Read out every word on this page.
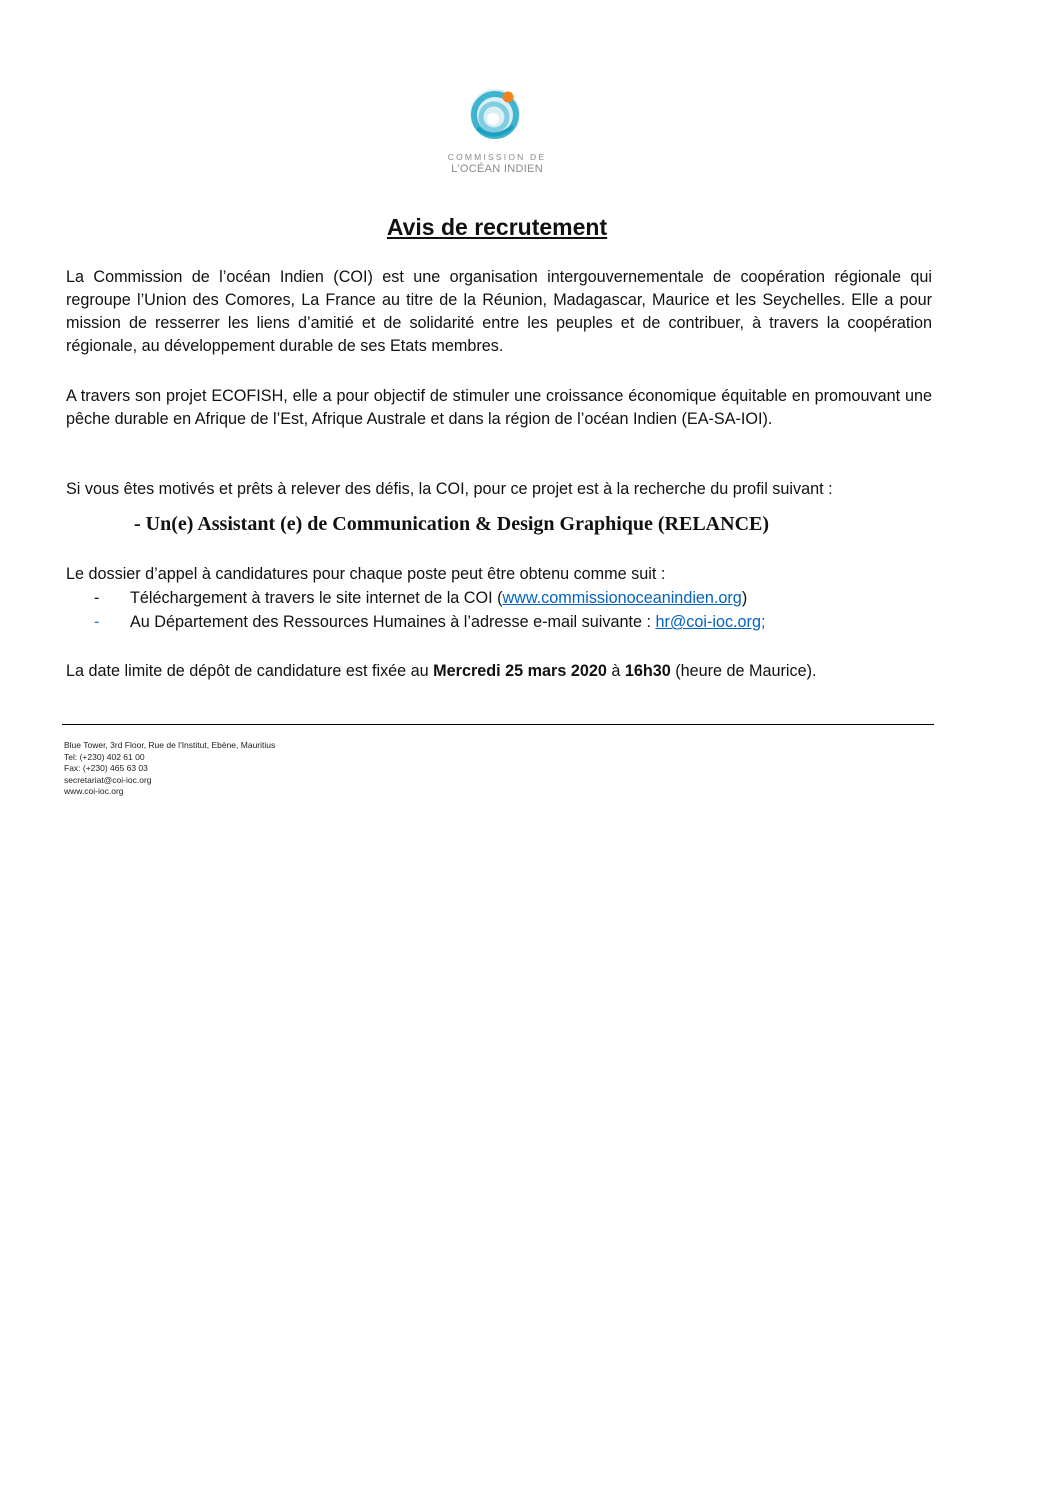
COMMISSION DE
L'OCÉAN INDIEN
Avis de recrutement

La Commission de l’océan Indien (COI) est une organisation intergouvernementale de coopération régionale qui regroupe l’Union des Comores, La France au titre de la Réunion, Madagascar, Maurice et les Seychelles. Elle a pour mission de resserrer les liens d’amitié et de solidarité entre les peuples et de contribuer, à travers la coopération régionale, au développement durable de ses Etats membres.

A travers son projet ECOFISH, elle a pour objectif de stimuler une croissance économique équitable en promouvant une pêche durable en Afrique de l’Est, Afrique Australe et dans la région de l’océan Indien (EA-SA-IOI).

Si vous êtes motivés et prêts à relever des défis, la COI, pour ce projet est à la recherche du profil suivant :

- Un(e) Assistant (e) de Communication & Design Graphique (RELANCE)

Le dossier d’appel à candidatures pour chaque poste peut être obtenu comme suit :

- Téléchargement à travers le site internet de la COI (www.commissionoceanindien.org)
- Au Département des Ressources Humaines à l’adresse e-mail suivante : hr@coi-ioc.org;

La date limite de dépôt de candidature est fixée au Mercredi 25 mars 2020 à 16h30 (heure de Maurice).

Blue Tower, 3rd Floor, Rue de l'Institut, Ebène, Mauritius
Tel: (+230) 402 61 00
Fax: (+230) 465 63 03
secretariat@coi-ioc.org
www.coi-ioc.org
